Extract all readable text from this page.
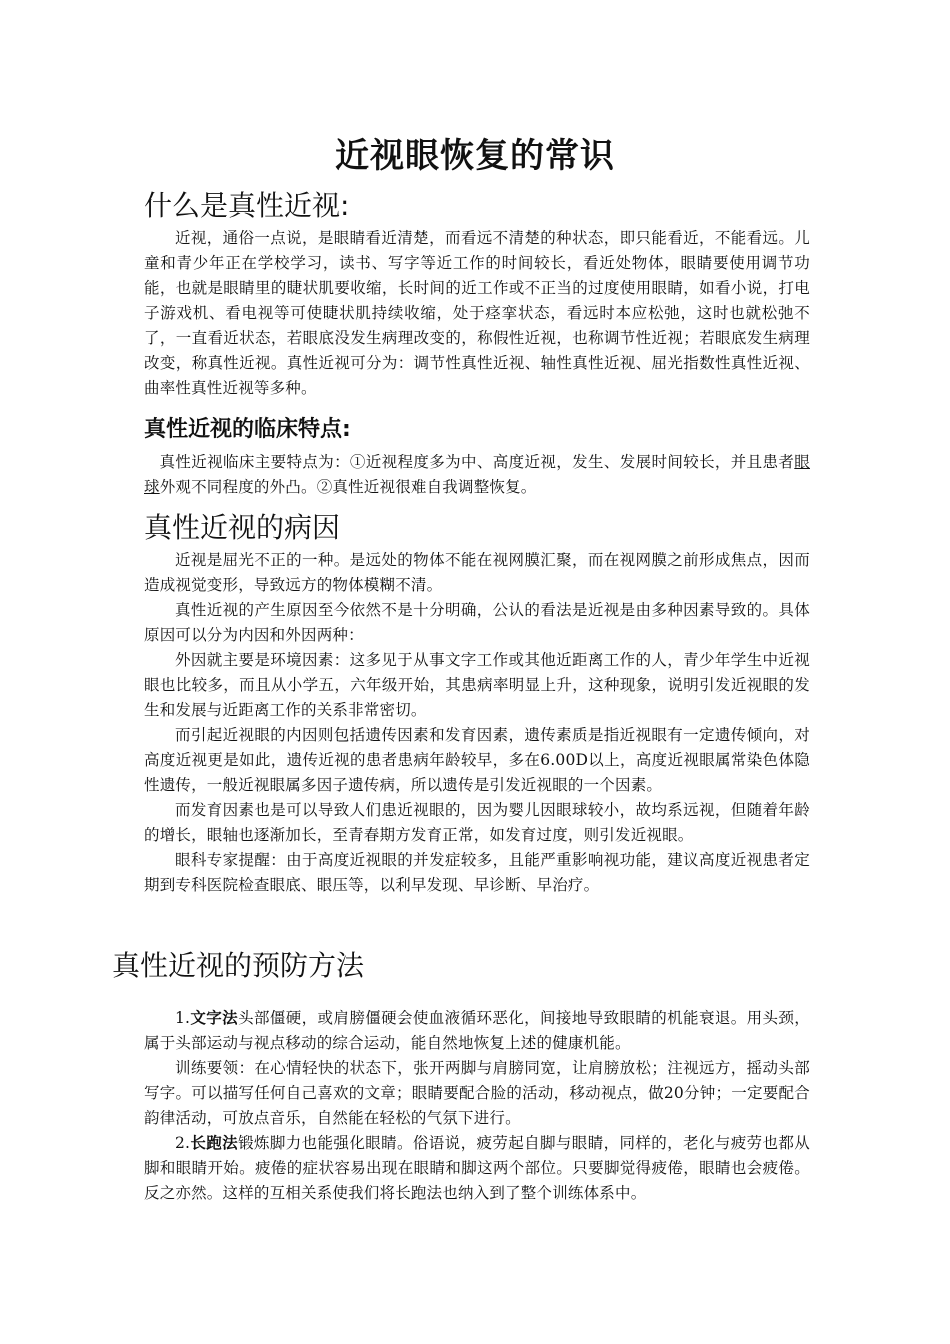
近视眼恢复的常识
什么是真性近视:

近视，通俗一点说，是眼睛看近清楚，而看远不清楚的种状态，即只能看近，不能看远。儿童和青少年正在学校学习，读书、写字等近工作的时间较长，看近处物体，眼睛要使用调节功能，也就是眼睛里的睫状肌要收缩，长时间的近工作或不正当的过度使用眼睛，如看小说，打电子游戏机、看电视等可使睫状肌持续收缩，处于痉挛状态，看远时本应松弛，这时也就松弛不了，一直看近状态，若眼底没发生病理改变的，称假性近视，也称调节性近视；若眼底发生病理改变，称真性近视。真性近视可分为：调节性真性近视、轴性真性近视、屈光指数性真性近视、曲率性真性近视等多种。

真性近视的临床特点:

真性近视临床主要特点为：①近视程度多为中、高度近视，发生、发展时间较长，并且患者眼球外观不同程度的外凸。②真性近视很难自我调整恢复。

真性近视的病因

近视是屈光不正的一种。是远处的物体不能在视网膜汇聚，而在视网膜之前形成焦点，因而造成视觉变形，导致远方的物体模糊不清。

真性近视的产生原因至今依然不是十分明确，公认的看法是近视是由多种因素导致的。具体原因可以分为内因和外因两种：

外因就主要是环境因素：这多见于从事文字工作或其他近距离工作的人，青少年学生中近视眼也比较多，而且从小学五，六年级开始，其患病率明显上升，这种现象，说明引发近视眼的发生和发展与近距离工作的关系非常密切。

而引起近视眼的内因则包括遗传因素和发育因素，遗传素质是指近视眼有一定遗传倾向，对高度近视更是如此，遗传近视的患者患病年龄较早，多在6.00D以上，高度近视眼属常染色体隐性遗传，一般近视眼属多因子遗传病，所以遗传是引发近视眼的一个因素。

而发育因素也是可以导致人们患近视眼的，因为婴儿因眼球较小，故均系远视，但随着年龄的增长，眼轴也逐渐加长，至青春期方发育正常，如发育过度，则引发近视眼。

眼科专家提醒：由于高度近视眼的并发症较多，且能严重影响视功能，建议高度近视患者定期到专科医院检查眼底、眼压等，以利早发现、早诊断、早治疗。

真性近视的预防方法

1.文字法头部僵硬，或肩膀僵硬会使血液循环恶化，间接地导致眼睛的机能衰退。用头颈，属于头部运动与视点移动的综合运动，能自然地恢复上述的健康机能。

训练要领：在心情轻快的状态下，张开两脚与肩膀同宽，让肩膀放松；注视远方，摇动头部写字。可以描写任何自己喜欢的文章；眼睛要配合脸的活动，移动视点，做20分钟；一定要配合韵律活动，可放点音乐，自然能在轻松的气氛下进行。

2.长跑法锻炼脚力也能强化眼睛。俗语说，疲劳起自脚与眼睛，同样的，老化与疲劳也都从脚和眼睛开始。疲倦的症状容易出现在眼睛和脚这两个部位。只要脚觉得疲倦，眼睛也会疲倦。反之亦然。这样的互相关系使我们将长跑法也纳入到了整个训练体系中。
